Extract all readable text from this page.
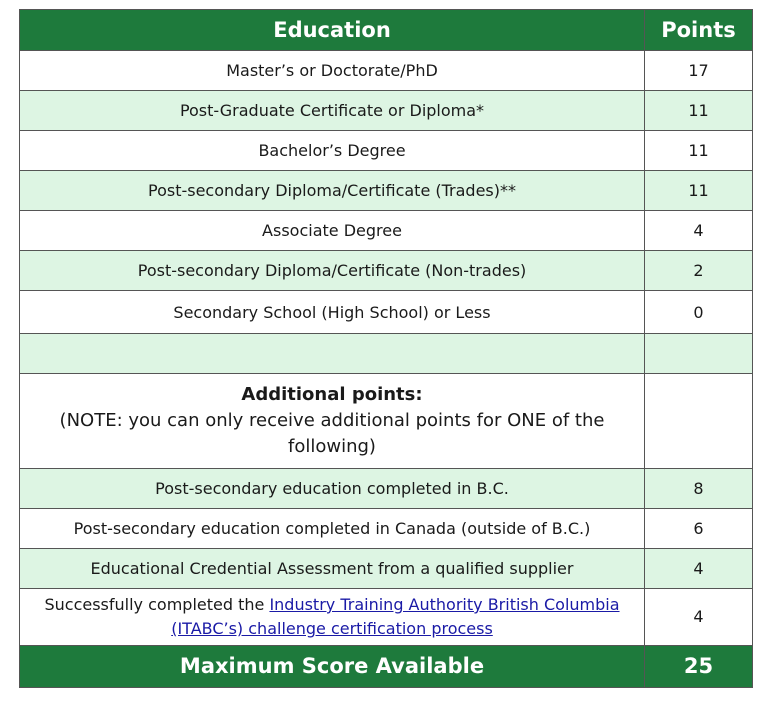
Education	Points
Master’s or Doctorate/PhD	17
Post-Graduate Certificate or Diploma*	11
Bachelor’s Degree	11
Post-secondary Diploma/Certificate (Trades)**	11
Associate Degree	4
Post-secondary Diploma/Certificate (Non-trades)	2
Secondary School (High School) or Less	0

Additional points:
(NOTE: you can only receive additional points for ONE of the following)	
Post-secondary education completed in B.C.	8
Post-secondary education completed in Canada (outside of B.C.)	6
Educational Credential Assessment from a qualified supplier	4
Successfully completed the Industry Training Authority British Columbia (ITABC’s) challenge certification process	4
Maximum Score Available	25
